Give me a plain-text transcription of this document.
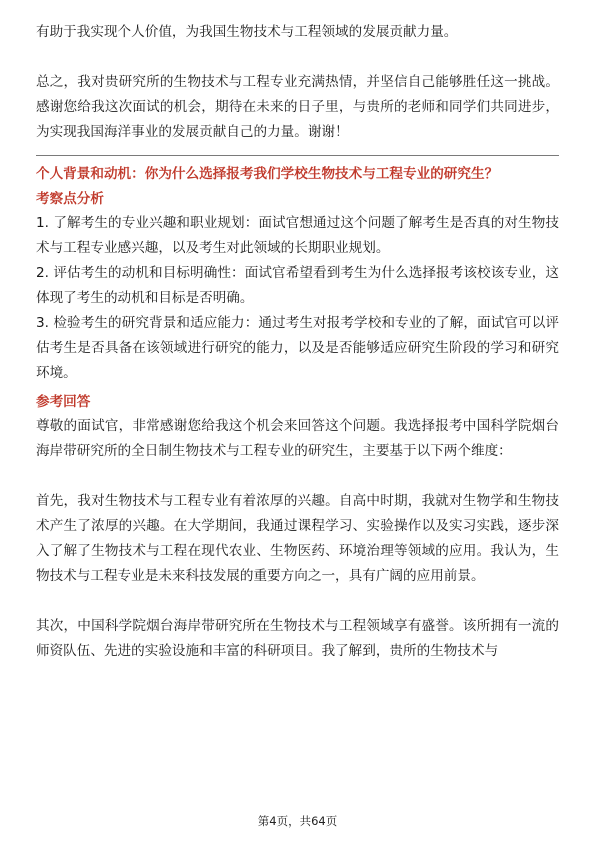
有助于我实现个人价值，为我国生物技术与工程领域的发展贡献力量。

总之，我对贵研究所的生物技术与工程专业充满热情，并坚信自己能够胜任这一挑战。感谢您给我这次面试的机会，期待在未来的日子里，与贵所的老师和同学们共同进步，为实现我国海洋事业的发展贡献自己的力量。谢谢！

个人背景和动机：你为什么选择报考我们学校生物技术与工程专业的研究生？

考察点分析

1. 了解考生的专业兴趣和职业规划：面试官想通过这个问题了解考生是否真的对生物技术与工程专业感兴趣，以及考生对此领域的长期职业规划。

2. 评估考生的动机和目标明确性：面试官希望看到考生为什么选择报考该校该专业，这体现了考生的动机和目标是否明确。

3. 检验考生的研究背景和适应能力：通过考生对报考学校和专业的了解，面试官可以评估考生是否具备在该领域进行研究的能力，以及是否能够适应研究生阶段的学习和研究环境。

参考回答

尊敬的面试官，非常感谢您给我这个机会来回答这个问题。我选择报考中国科学院烟台海岸带研究所的全日制生物技术与工程专业的研究生，主要基于以下两个维度：

首先，我对生物技术与工程专业有着浓厚的兴趣。自高中时期，我就对生物学和生物技术产生了浓厚的兴趣。在大学期间，我通过课程学习、实验操作以及实习实践，逐步深入了解了生物技术与工程在现代农业、生物医药、环境治理等领域的应用。我认为，生物技术与工程专业是未来科技发展的重要方向之一，具有广阔的应用前景。

其次，中国科学院烟台海岸带研究所在生物技术与工程领域享有盛誉。该所拥有一流的师资队伍、先进的实验设施和丰富的科研项目。我了解到，贵所的生物技术与

第4页，共64页
